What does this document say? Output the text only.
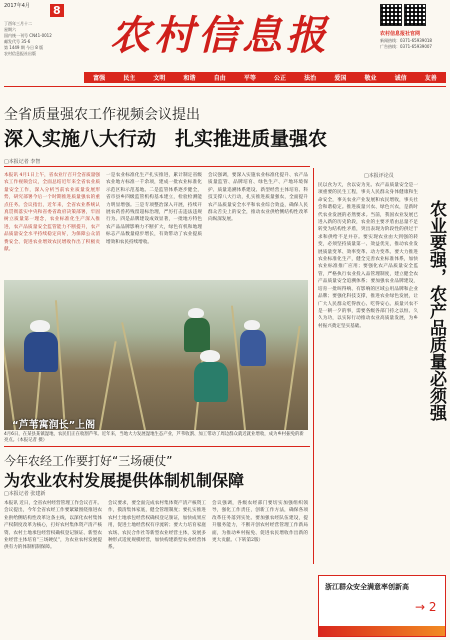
2017年4月	8
丁酉年三月十二
星期六
国内统一刊号 CN41-0012
邮发代号 35-6
第 1449 期 今日 8 版
农村信息报社出版	农村信息报	农村信息报社官网
新闻热线：0371-65939018
广告热线：0371-65939007
富强	民主	文明	和谐	自由	平等	公正	法治	爱国	敬业	诚信	友善
全省质量强农工作视频会议提出
深入实施八大行动　扎实推进质量强农
□本报记者 李智
本报讯 4月1日上午，省农业厅召开全省质量强农工作视频会议，全面总结近年来全省农业质量安全工作，深入分析当前农业质量发展形势，研究部署今后一个时期推进质量强农的重点任务。会议指出，近年来，全省农业系统认真贯彻落实中央和省委省政府决策部署，牢固树立质量第一理念，农业标准化生产深入推进，农产品质量安全监管能力不断提升，农产品质量安全水平持续稳定向好，为保障公众消费安全、促进农业增效农民增收作出了积极贡献。
一是农业标准化生产扎实推进，累计制定省级农业地方标准一千余项，建成一批农业标准化示范区和示范基地。二是监管体系逐步健全，省市县乡四级监管机构基本建立，检验检测能力明显增强。三是专项整治深入开展，持续开展农药兽药残留超标治理，严厉打击违法违规行为。四是品牌建设成效显著，一批地方特色农产品品牌影响力不断扩大，绿色有机和地理标志产品数量稳步增长，有效带动了农业提质增效和农民持续增收。
会议强调，要深入实施农业标准化提升、农产品质量监管、品牌培育、绿色生产、产地环境保护、质量追溯体系建设、新型经营主体培育、科技支撑八大行动，扎实推进质量强农，全面提升农产品质量安全水平和农业综合效益，确保人民群众舌尖上的安全，推动农业供给侧结构性改革向纵深发展。
“芦苇寓润长”上阁
4月6日，在某县某镇湿地，农民们正在收割芦苇。近年来，当地大力发展湿地生态产业，芦苇收割、加工带动了周边群众就近就业增收，成为乡村振免的新亮点。（本报记者 摄）
□本报评论员
民以食为天，食以安为先。农产品质量安全是一项重要的民生工程，事关人民群众身体健康和生命安全，事关农业产业发展和农民增收，事关社会和谐稳定。推进质量兴农、绿色兴农，是新时代农业发展的必然要求。当前，我国农业发展已进入新的历史阶段，农业的主要矛盾由总量不足转变为结构性矛盾，突出表现为阶段性的供过于求和供给不足并存。要实现农业由大到强的转变，必须坚持质量第一、效益优先，推动农业发展质量变革、效率变革、动力变革。要大力推进农业标准化生产，健全完善农业标准体系，加快农业标准推广应用；要强化农产品质量安全监管，严格执行农业投入品管理制度，建立健全农产品质量安全追溯体系；要加强农业品牌建设，培育一批叫得响、有影响的区域公用品牌和企业品牌；要强化科技支撑，推进农业绿色发展，让广大人民群众吃得放心、吃得安心。质量兴农不是一朝一夕的事，需要各级各部门持之以恒、久久为功，以实际行动推动农业高质量发展，为乡村振兴奠定坚实基础。	农业要强，农产品质量必须强
今年农经工作要打好“三场硬仗”
为农业农村发展提供体制机制保障
□本报记者 张建新
本报讯 近日，全省农村经营管理工作会议召开。会议提出，今年全省农经工作要紧紧围绕推进农业供给侧结构性改革这条主线，以深化农村集体产权制度改革为核心，打好农村集体资产清产核资、农村土地承包经营权确权登记颁证、新型农业经营主体培育“三场硬仗”，为农业农村发展提供有力的体制机制保障。
会议要求，要全面完成农村集体资产清产核资工作，摸清集体家底，健全管理制度；要扎实推进农村土地承包经营权确权登记颁证，加快成果应用，促进土地经营权有序流转；要大力培育家庭农场、农民合作社等新型农业经营主体，发展多种形式适度规模经营，加快构建新型农业经营体系。
会议强调，各级农经部门要切实加强组织领导，强化工作责任，创新工作方法，确保各项改革任务落到实处。要加强农经队伍建设，提升服务能力，不断开创农村经营管理工作新局面，为推动乡村振免、促进农民增收作出新的更大贡献。（下转第2版）
浙江群众安全满意率创新高
→ 2
